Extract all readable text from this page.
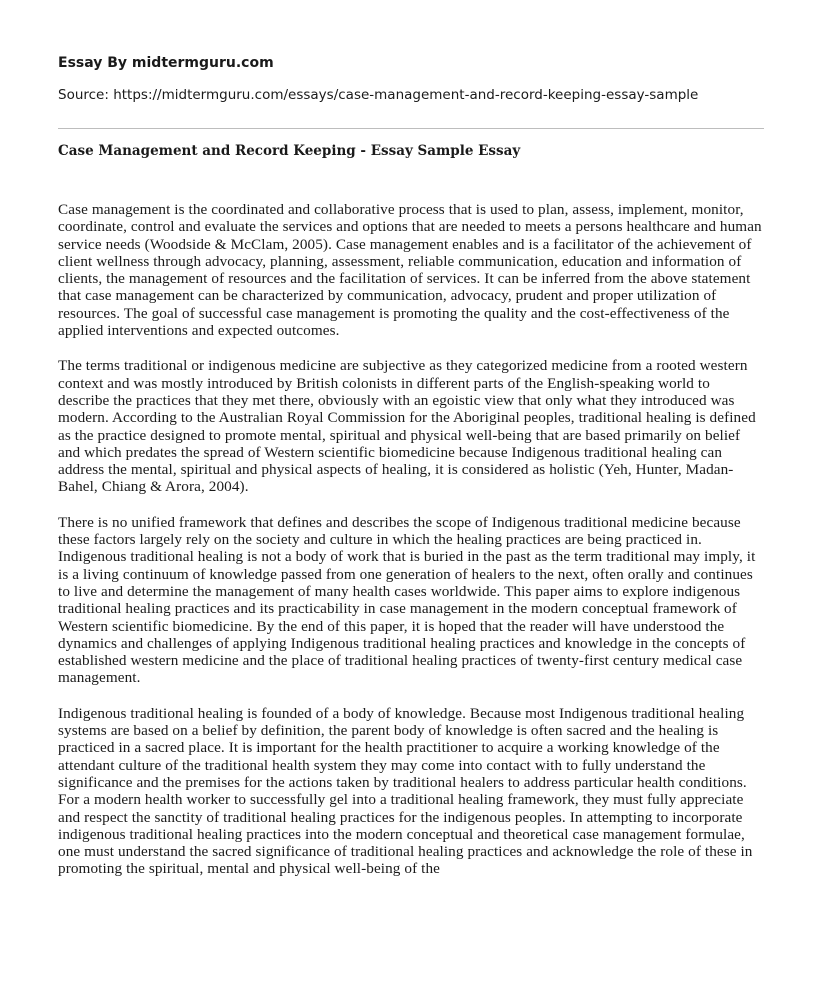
Essay By midtermguru.com
Source: https://midtermguru.com/essays/case-management-and-record-keeping-essay-sample
Case Management and Record Keeping - Essay Sample Essay

Case management is the coordinated and collaborative process that is used to plan, assess, implement, monitor, coordinate, control and evaluate the services and options that are needed to meets a persons healthcare and human service needs (Woodside & McClam, 2005). Case management enables and is a facilitator of the achievement of client wellness through advocacy, planning, assessment, reliable communication, education and information of clients, the management of resources and the facilitation of services. It can be inferred from the above statement that case management can be characterized by communication, advocacy, prudent and proper utilization of resources. The goal of successful case management is promoting the quality and the cost-effectiveness of the applied interventions and expected outcomes.

The terms traditional or indigenous medicine are subjective as they categorized medicine from a rooted western context and was mostly introduced by British colonists in different parts of the English-speaking world to describe the practices that they met there, obviously with an egoistic view that only what they introduced was modern. According to the Australian Royal Commission for the Aboriginal peoples, traditional healing is defined as the practice designed to promote mental, spiritual and physical well-being that are based primarily on belief and which predates the spread of Western scientific biomedicine because Indigenous traditional healing can address the mental, spiritual and physical aspects of healing, it is considered as holistic (Yeh, Hunter, Madan-Bahel, Chiang & Arora, 2004).

There is no unified framework that defines and describes the scope of Indigenous traditional medicine because these factors largely rely on the society and culture in which the healing practices are being practiced in. Indigenous traditional healing is not a body of work that is buried in the past as the term traditional may imply, it is a living continuum of knowledge passed from one generation of healers to the next, often orally and continues to live and determine the management of many health cases worldwide. This paper aims to explore indigenous traditional healing practices and its practicability in case management in the modern conceptual framework of Western scientific biomedicine. By the end of this paper, it is hoped that the reader will have understood the dynamics and challenges of applying Indigenous traditional healing practices and knowledge in the concepts of established western medicine and the place of traditional healing practices of twenty-first century medical case management.

Indigenous traditional healing is founded of a body of knowledge. Because most Indigenous traditional healing systems are based on a belief by definition, the parent body of knowledge is often sacred and the healing is practiced in a sacred place. It is important for the health practitioner to acquire a working knowledge of the attendant culture of the traditional health system they may come into contact with to fully understand the significance and the premises for the actions taken by traditional healers to address particular health conditions. For a modern health worker to successfully gel into a traditional healing framework, they must fully appreciate and respect the sanctity of traditional healing practices for the indigenous peoples. In attempting to incorporate indigenous traditional healing practices into the modern conceptual and theoretical case management formulae, one must understand the sacred significance of traditional healing practices and acknowledge the role of these in promoting the spiritual, mental and physical well-being of the
